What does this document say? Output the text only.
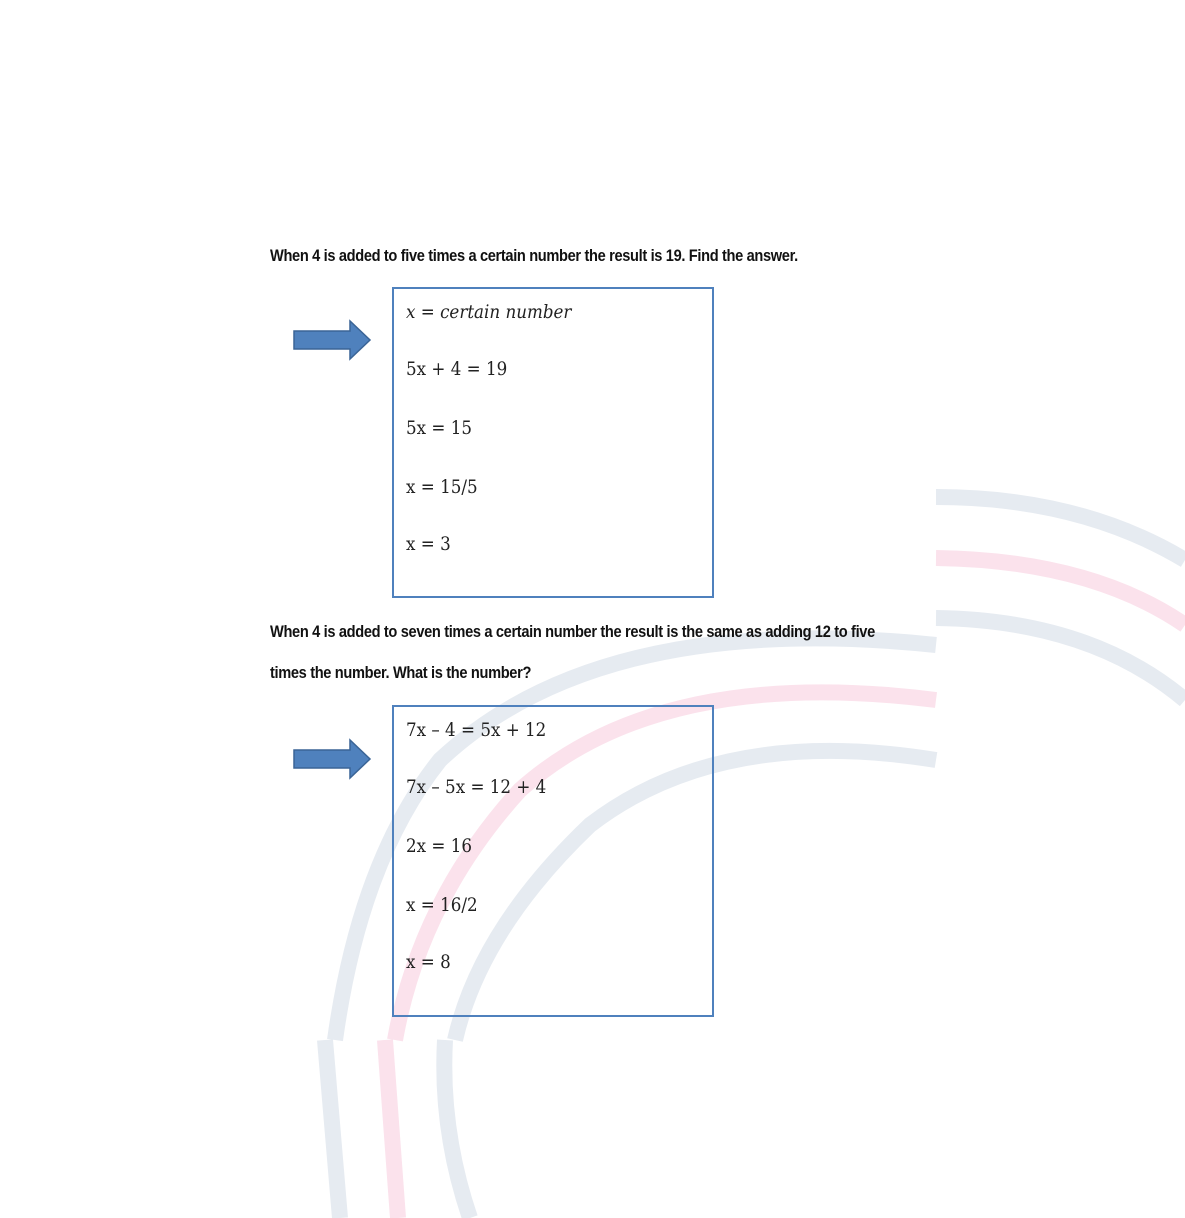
When 4 is added to five times a certain number the result is 19. Find the answer.
x = certain number
5x + 4 = 19
5x = 15
x = 15/5
x = 3
When 4 is added to seven times a certain number the result is the same as adding 12 to five
times the number. What is the number?
7x – 4 = 5x + 12
7x – 5x = 12 + 4
2x = 16
x = 16/2
x = 8
